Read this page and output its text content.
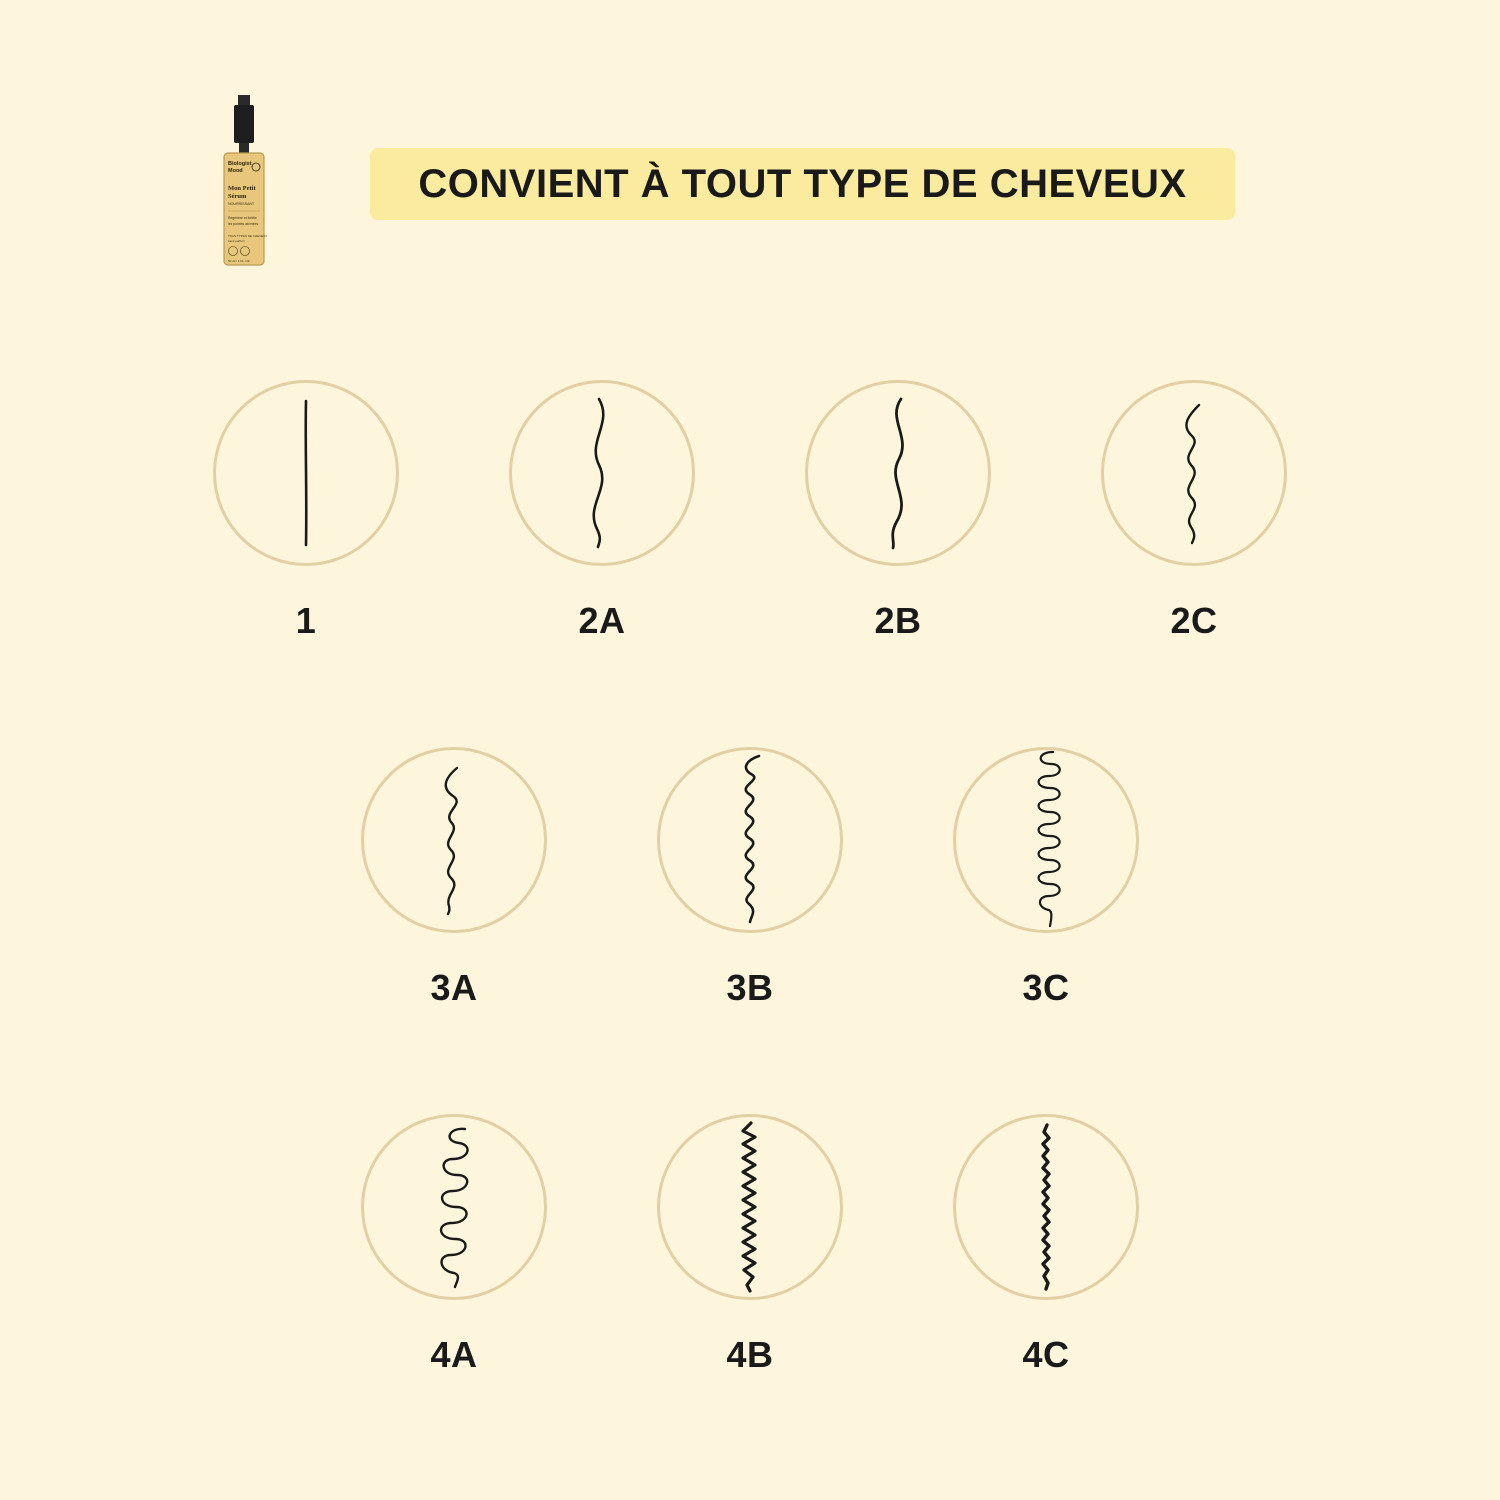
Biologist
Mood
Mon Petit
Sérum
NOURRISSANT
Régénère et fortifie
les pointes abîmées
TOUS TYPES DE CHEVEUX
sans parfum
50 ml / 1 FL. OZ
CONVIENT À TOUT TYPE DE CHEVEUX
1	2A	2B	2C
3A	3B	3C
4A	4B	4C
